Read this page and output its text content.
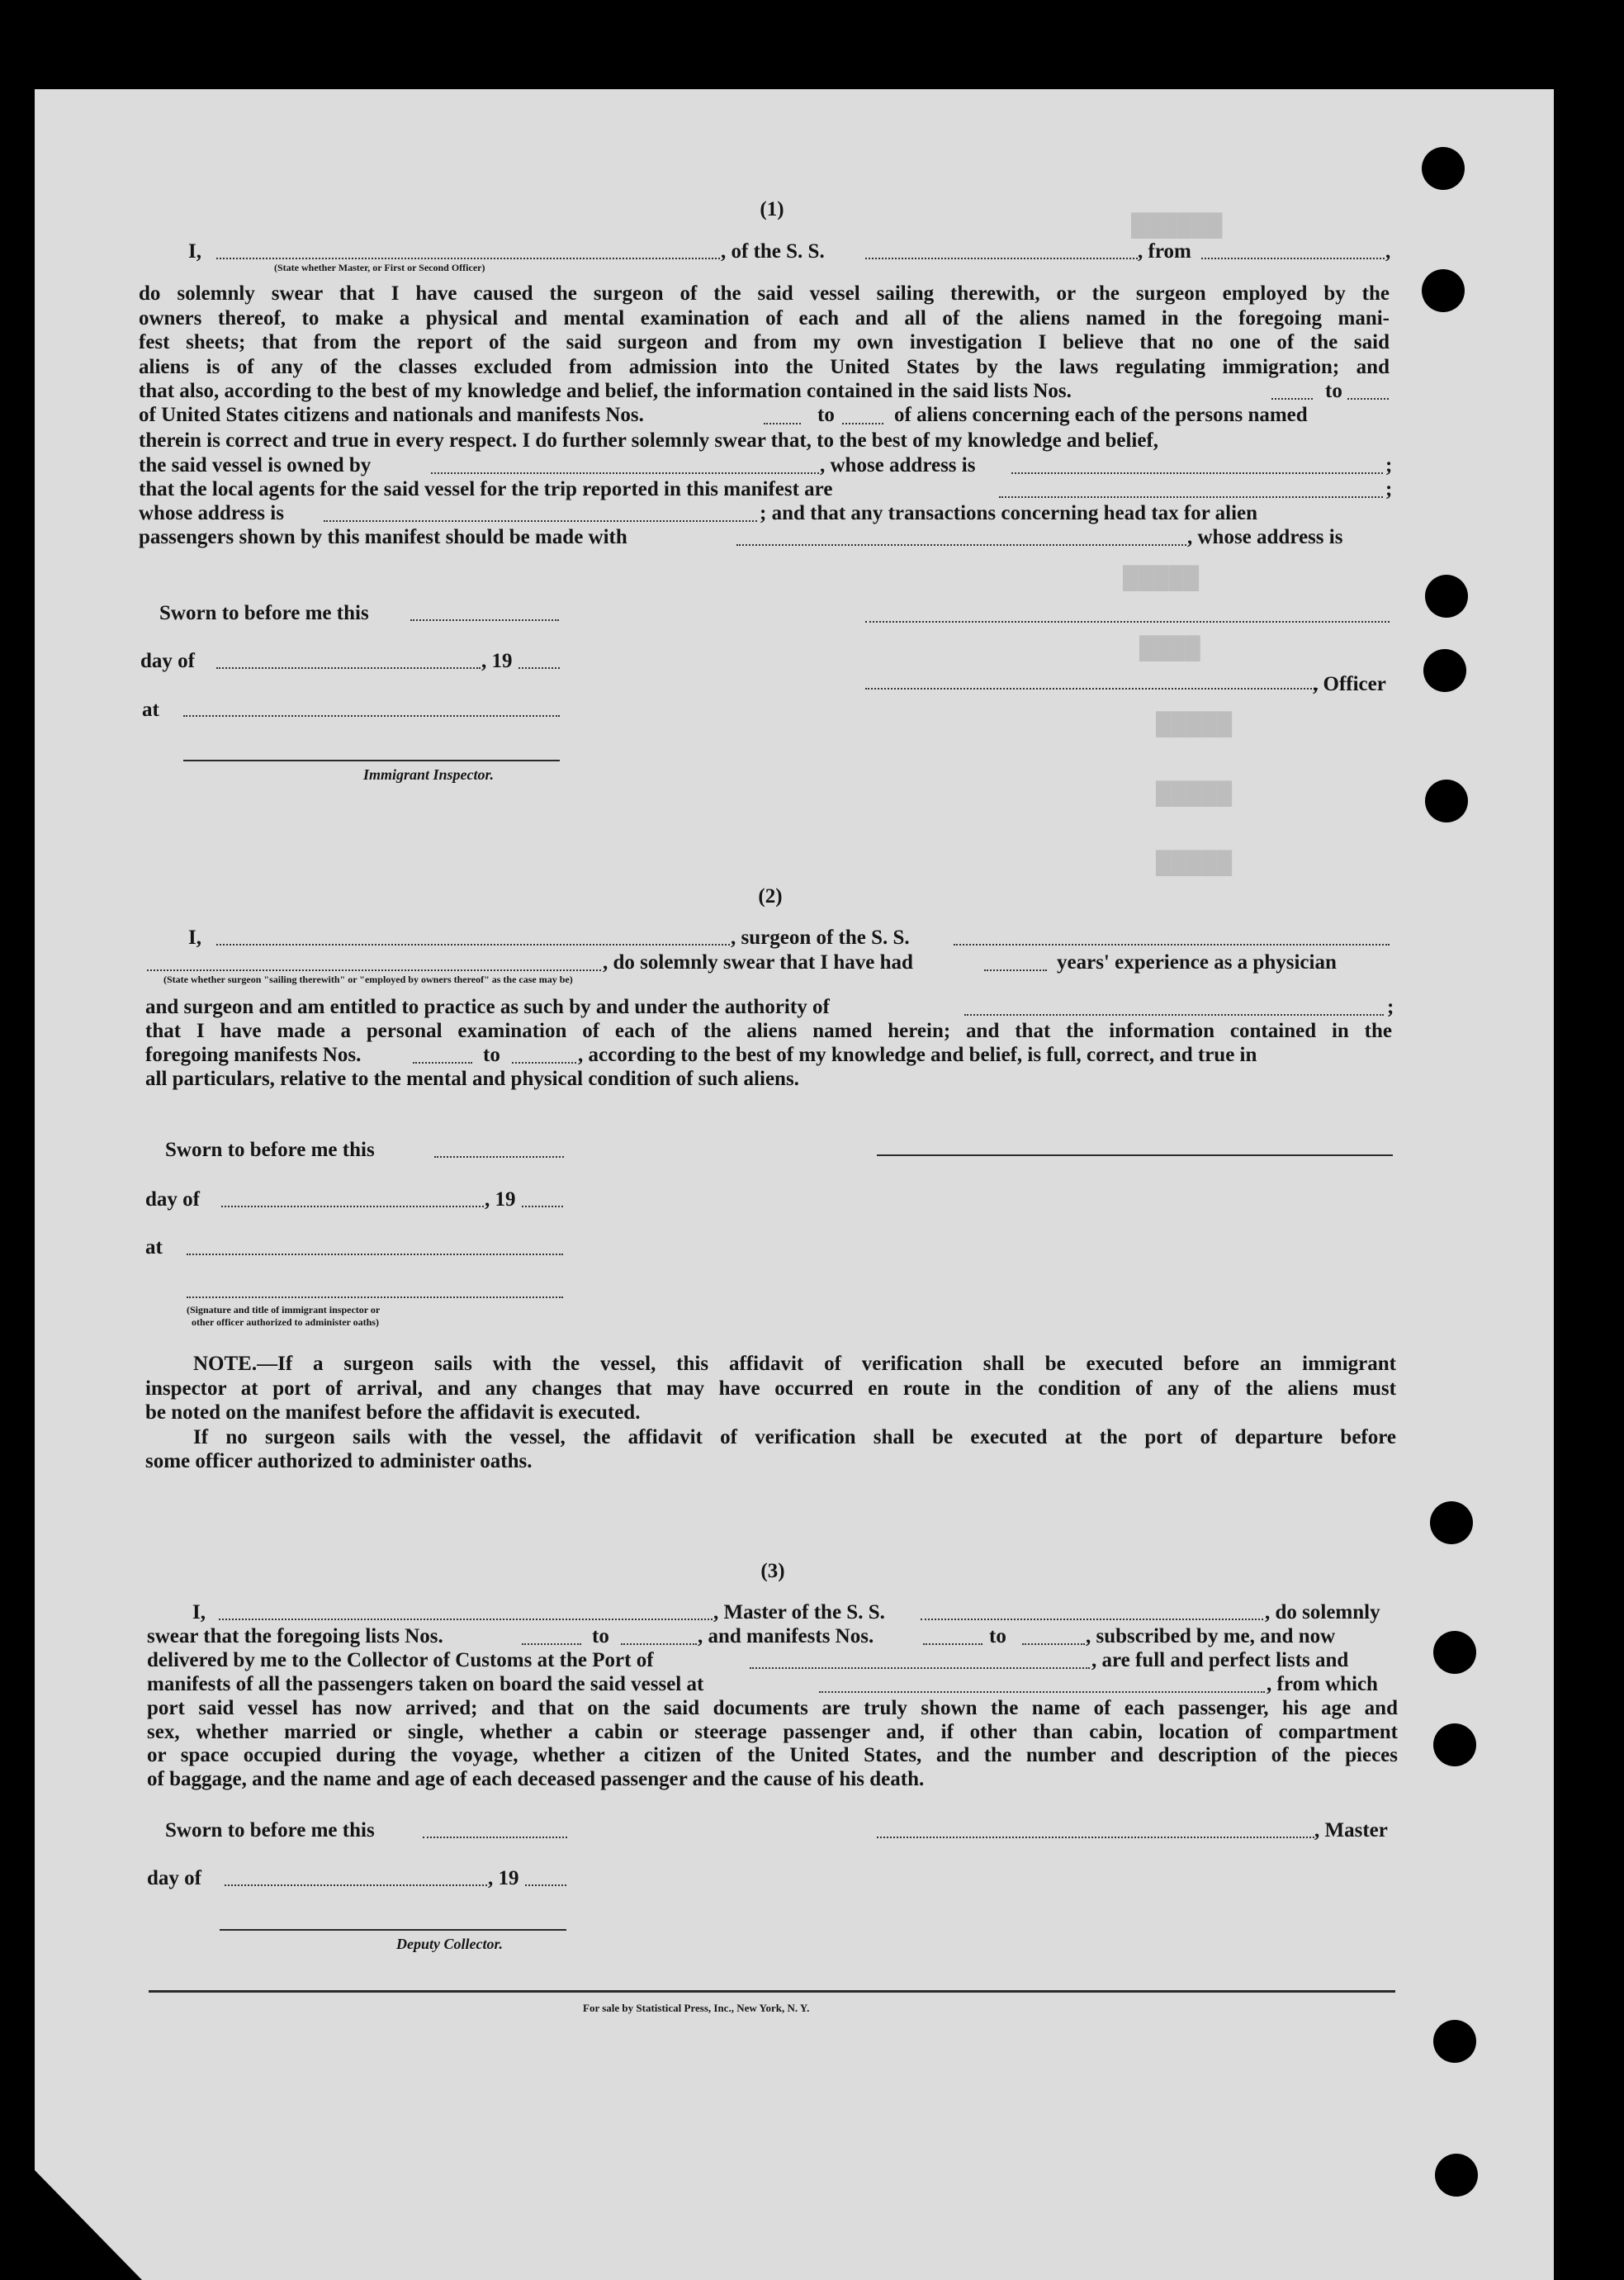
██████
█████
████
█████
█████
█████
(1)
I,	, of the S. S.	, from	,
(State whether Master, or First or Second Officer)
do solemnly swear that I have caused the surgeon of the said vessel sailing therewith, or the surgeon employed by the
owners thereof, to make a physical and mental examination of each and all of the aliens named in the foregoing mani-
fest sheets; that from the report of the said surgeon and from my own investigation I believe that no one of the said
aliens is of any of the classes excluded from admission into the United States by the laws regulating immigration; and
that also, according to the best of my knowledge and belief, the information contained in the said lists Nos.	to
of United States citizens and nationals and manifests Nos.	to	of aliens concerning each of the persons named
therein is correct and true in every respect. I do further solemnly swear that, to the best of my knowledge and belief,
the said vessel is owned by	, whose address is	;
that the local agents for the said vessel for the trip reported in this manifest are	;
whose address is	; and that any transactions concerning head tax for alien
passengers shown by this manifest should be made with	, whose address is
Sworn to before me this
day of	, 19
at
Immigrant Inspector.
, Officer
(2)
I,	, surgeon of the S. S.
, do solemnly swear that I have had	years' experience as a physician
(State whether surgeon "sailing therewith" or "employed by owners thereof" as the case may be)
and surgeon and am entitled to practice as such by and under the authority of	;
that I have made a personal examination of each of the aliens named herein; and that the information contained in the
foregoing manifests Nos.	to	, according to the best of my knowledge and belief, is full, correct, and true in
all particulars, relative to the mental and physical condition of such aliens.
Sworn to before me this
day of	, 19
at
(Signature and title of immigrant inspector or
other officer authorized to administer oaths)
NOTE.—If a surgeon sails with the vessel, this affidavit of verification shall be executed before an immigrant
inspector at port of arrival, and any changes that may have occurred en route in the condition of any of the aliens must
be noted on the manifest before the affidavit is executed.
If no surgeon sails with the vessel, the affidavit of verification shall be executed at the port of departure before
some officer authorized to administer oaths.
(3)
I,	, Master of the S. S.	, do solemnly
swear that the foregoing lists Nos.	to	, and manifests Nos.	to	, subscribed by me, and now
delivered by me to the Collector of Customs at the Port of	, are full and perfect lists and
manifests of all the passengers taken on board the said vessel at	, from which
port said vessel has now arrived; and that on the said documents are truly shown the name of each passenger, his age and
sex, whether married or single, whether a cabin or steerage passenger and, if other than cabin, location of compartment
or space occupied during the voyage, whether a citizen of the United States, and the number and description of the pieces
of baggage, and the name and age of each deceased passenger and the cause of his death.
Sworn to before me this	, Master
day of	, 19
Deputy Collector.
For sale by Statistical Press, Inc., New York, N. Y.
